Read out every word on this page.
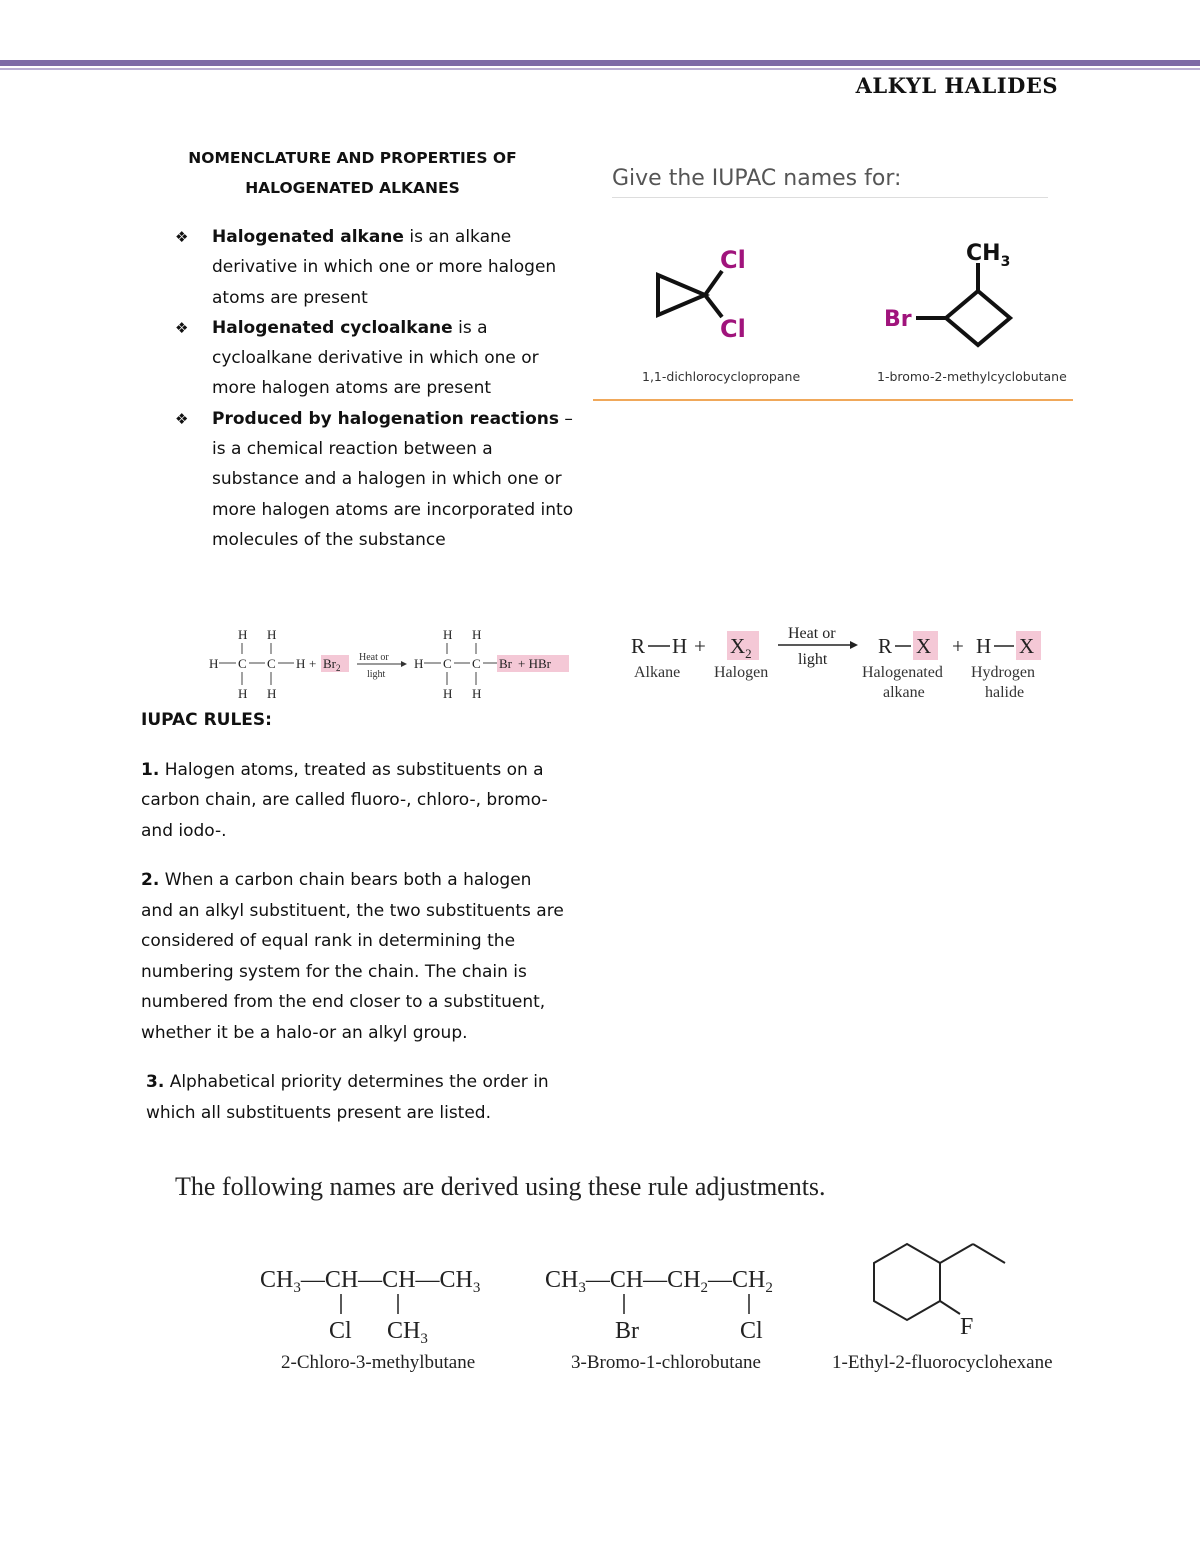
ALKYL HALIDES
NOMENCLATURE AND PROPERTIES OF
HALOGENATED ALKANES
❖ Halogenated alkane is an alkane derivative in which one or more halogen atoms are present
❖ Halogenated cycloalkane is a cycloalkane derivative in which one or more halogen atoms are present
❖ Produced by halogenation reactions –is a chemical reaction between a substance and a halogen in which one or more halogen atoms are incorporated into molecules of the substance
Give the IUPAC names for:
Cl
Cl
1,1-dichlorocyclopropane
$CH_3$
Br
1-bromo-2-methylcyclobutane
H H
H C C H
H H
+ $Br_2$
Heat or
light
H H
H C C
H H
Br + HBr
R $H + X_2$
Heat or
light
R X + H X
Alkane Halogen	Halogenated
alkane
Hydrogen
halide

IUPAC RULES:

1. Halogen atoms, treated as substituents on a carbon chain, are called fluoro-, chloro-, bromo- and iodo-.

2. When a carbon chain bears both a halogen and an alkyl substituent, the two substituents are considered of equal rank in determining the numbering system for the chain. The chain is numbered from the end closer to a substituent, whether it be a halo-or an alkyl group.

3. Alphabetical priority determines the order in which all substituents present are listed.

The following names are derived using these rule adjustments.
$CH_3—CH—CH—CH_3$
Cl $CH_3$
2-Chloro-3-methylbutane
$CH_3—CH—CH_2—CH_2$
Br	Cl
3-Bromo-1-chlorobutane
F
1-Ethyl-2-fluorocyclohexane
